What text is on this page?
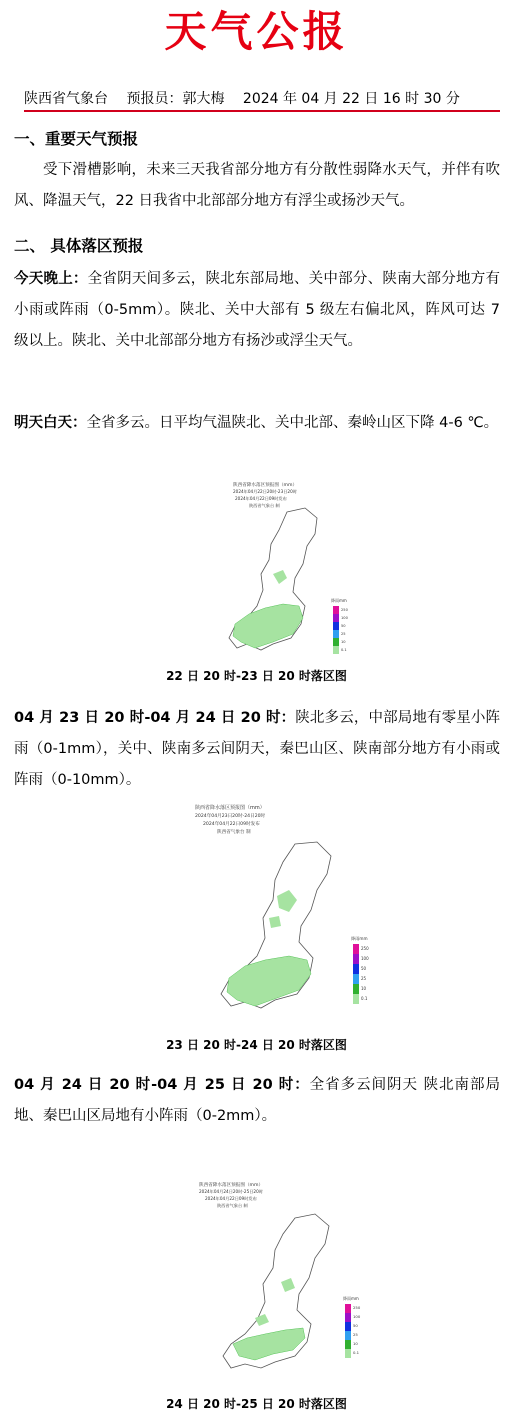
天气公报
陕西省气象台 预报员：郭大梅 2024 年 04 月 22 日 16 时 30 分
一、重要天气预报
受下滑槽影响，未来三天我省部分地方有分散性弱降水天气，并伴有吹风、降温天气，22 日我省中北部部分地方有浮尘或扬沙天气。
二、 具体落区预报
今天晚上：全省阴天间多云，陕北东部局地、关中部分、陕南大部分地方有小雨或阵雨（0-5mm）。陕北、关中大部有 5 级左右偏北风，阵风可达 7 级以上。陕北、关中北部部分地方有扬沙或浮尘天气。
明天白天：全省多云。日平均气温陕北、关中北部、秦岭山区下降 4-6 ℃。
陕西省降水落区预报图（mm）
2024年04月22日20时-23日20时
2024年04月22日09时发布
陕西省气象台 制
降雨mm
250
100
50
25
10
0.1
22 日 20 时-23 日 20 时落区图
04 月 23 日 20 时-04 月 24 日 20 时：陕北多云，中部局地有零星小阵雨（0-1mm），关中、陕南多云间阴天，秦巴山区、陕南部分地方有小雨或阵雨（0-10mm）。
陕西省降水落区预报图（mm）
2024年04月23日20时-24日20时
2024年04月22日09时发布
陕西省气象台 制
降雨mm
250
100
50
25
10
0.1
23 日 20 时-24 日 20 时落区图
04 月 24 日 20 时-04 月 25 日 20 时：全省多云间阴天 陕北南部局地、秦巴山区局地有小阵雨（0-2mm）。
陕西省降水落区预报图（mm）
2024年04月24日20时-25日20时
2024年04月22日09时发布
陕西省气象台 制
降雨mm
250
100
50
25
10
0.1
24 日 20 时-25 日 20 时落区图
